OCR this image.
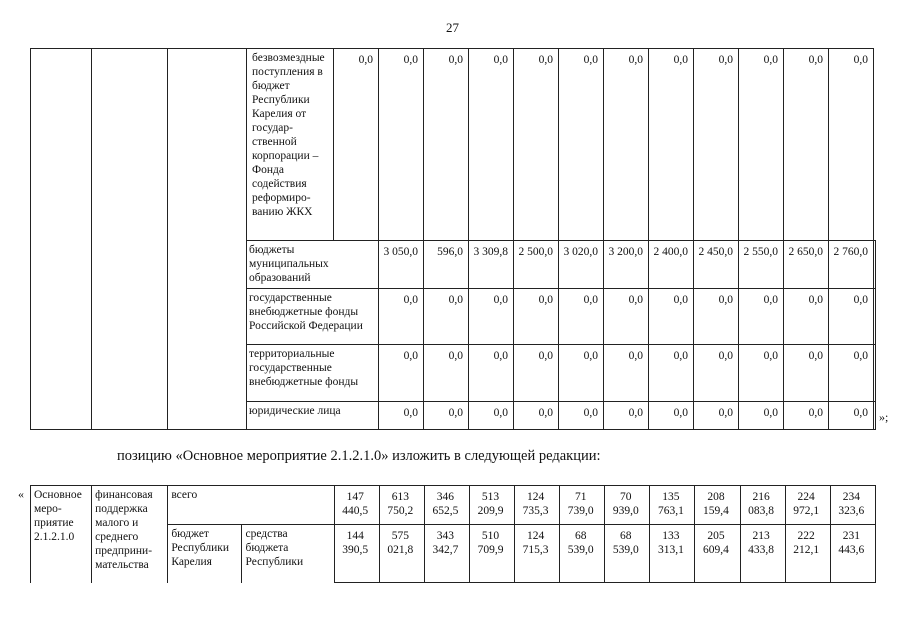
27
			безвозмездные поступления в бюджет Республики Карелия от государ-ственной корпорации – Фонда содействия реформиро-ванию ЖКХ	0,0	0,0	0,0	0,0	0,0	0,0	0,0	0,0	0,0	0,0	0,0	0,0	
			бюджеты муниципальных образований		3 050,0	596,0	3 309,8	2 500,0	3 020,0	3 200,0	2 400,0	2 450,0	2 550,0	2 650,0	2 760,0	
			государственные внебюджетные фонды Российской Федерации		0,0	0,0	0,0	0,0	0,0	0,0	0,0	0,0	0,0	0,0	0,0	
			территориальные государственные внебюджетные фонды		0,0	0,0	0,0	0,0	0,0	0,0	0,0	0,0	0,0	0,0	0,0	
			юридические лица		0,0	0,0	0,0	0,0	0,0	0,0	0,0	0,0	0,0	0,0	0,0	»;
позицию «Основное мероприятие 2.1.2.1.0» изложить в следующей редакции:
« Основное меро-приятие 2.1.2.1.0	финансовая поддержка малого и среднего предприни-мательства	всего		147 440,5	613 750,2	346 652,5	513 209,9	124 735,3	71 739,0	70 939,0	135 763,1	208 159,4	216 083,8	224 972,1	234 323,6
		бюджет Республики Карелия	средства бюджета Республики	144 390,5	575 021,8	343 342,7	510 709,9	124 715,3	68 539,0	68 539,0	133 313,1	205 609,4	213 433,8	222 212,1	231 443,6
